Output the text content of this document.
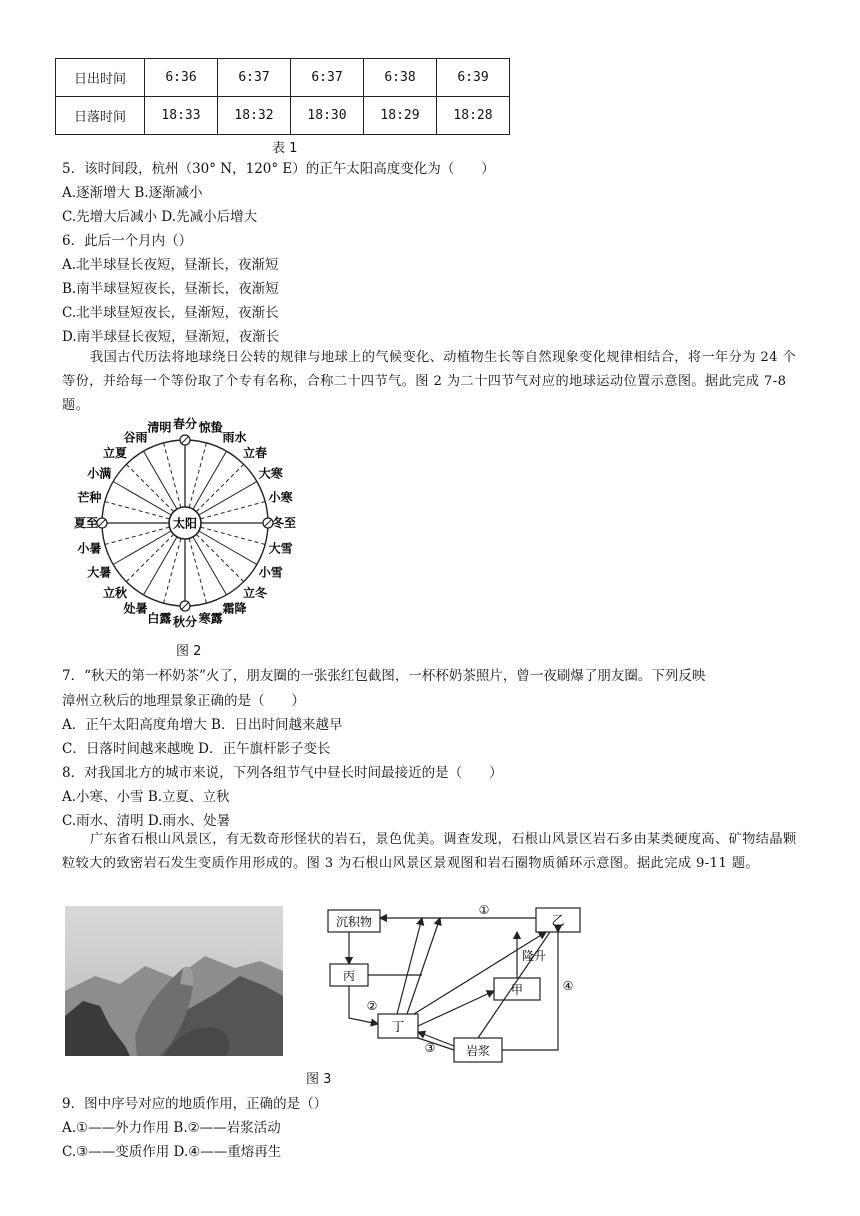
日出时间	6:36	6:37	6:37	6:38	6:39
日落时间	18:33	18:32	18:30	18:29	18:28
表 1
5．该时间段，杭州（30° N，120° E）的正午太阳高度变化为（　　）
A.逐渐增大 B.逐渐减小
C.先增大后减小 D.先减小后增大
6．此后一个月内（）
A.北半球昼长夜短，昼渐长，夜渐短
B.南半球昼短夜长，昼渐长，夜渐短
C.北半球昼短夜长，昼渐短，夜渐长
D.南半球昼长夜短，昼渐短，夜渐长
我国古代历法将地球绕日公转的规律与地球上的气候变化、动植物生长等自然现象变化规律相结合，将一年分为 24 个等份，并给每一个等份取了个专有名称，合称二十四节气。图 2 为二十四节气对应的地球运动位置示意图。据此完成 7-8 题。
太阳
春分 惊蛰
雨水
立春
大寒
小寒
冬至
大雪
小雪
立冬
霜降
寒露
秋分
白露
处暑
立秋
大暑
小暑
夏至
芒种
小满
立夏
谷雨
清明
图 2
7．“秋天的第一杯奶茶”火了，朋友圈的一张张红包截图，一杯杯奶茶照片，曾一夜刷爆了朋友圈。下列反映
漳州立秋后的地理景象正确的是（　　）
A．正午太阳高度角增大 B．日出时间越来越早
C．日落时间越来越晚 D．正午旗杆影子变长
8．对我国北方的城市来说，下列各组节气中昼长时间最接近的是（　　）
A.小寒、小雪 B.立夏、立秋
C.雨水、清明 D.雨水、处暑
广东省石根山风景区，有无数奇形怪状的岩石，景色优美。调查发现，石根山风景区岩石多由某类硬度高、矿物结晶颗粒较大的致密岩石发生变质作用形成的。图 3 为石根山风景区景观图和岩石圈物质循环示意图。据此完成 9-11 题。
沉积物	乙
丙
甲
丁
岩浆
隆升
①
②
③
④
图 3
9．图中序号对应的地质作用，正确的是（）
A.①——外力作用 B.②——岩浆活动
C.③——变质作用 D.④——重熔再生
